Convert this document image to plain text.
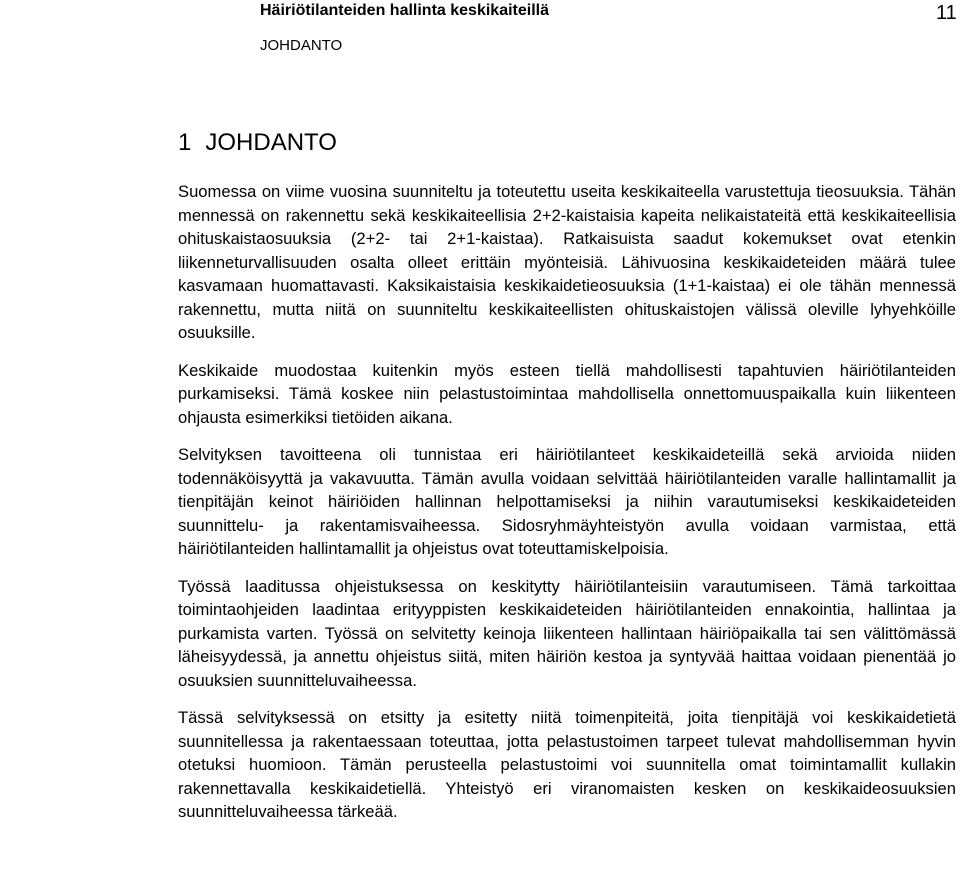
Häiriötilanteiden hallinta keskikaiteillä	11
JOHDANTO
1 JOHDANTO

Suomessa on viime vuosina suunniteltu ja toteutettu useita keskikaiteella varustettuja tieosuuksia. Tähän mennessä on rakennettu sekä keskikaiteellisia 2+2-kaistaisia kapeita nelikaistateitä että keskikaiteellisia ohituskaistaosuuksia (2+2- tai 2+1-kaistaa). Ratkaisuista saadut kokemukset ovat etenkin liikenneturvallisuuden osalta olleet erittäin myönteisiä. Lähivuosina keskikaideteiden määrä tulee kasvamaan huomattavasti. Kaksikaistaisia keskikaidetieosuuksia (1+1-kaistaa) ei ole tähän mennessä rakennettu, mutta niitä on suunniteltu keskikaiteellisten ohituskaistojen välissä oleville lyhyehköille osuuksille.

Keskikaide muodostaa kuitenkin myös esteen tiellä mahdollisesti tapahtuvien häiriötilanteiden purkamiseksi. Tämä koskee niin pelastustoimintaa mahdollisella onnettomuuspaikalla kuin liikenteen ohjausta esimerkiksi tietöiden aikana.

Selvityksen tavoitteena oli tunnistaa eri häiriötilanteet keskikaideteillä sekä arvioida niiden todennäköisyyttä ja vakavuutta. Tämän avulla voidaan selvittää häiriötilanteiden varalle hallintamallit ja tienpitäjän keinot häiriöiden hallinnan helpottamiseksi ja niihin varautumiseksi keskikaideteiden suunnittelu- ja rakentamisvaiheessa. Sidosryhmäyhteistyön avulla voidaan varmistaa, että häiriötilanteiden hallintamallit ja ohjeistus ovat toteuttamiskelpoisia.

Työssä laaditussa ohjeistuksessa on keskitytty häiriötilanteisiin varautumiseen. Tämä tarkoittaa toimintaohjeiden laadintaa erityyppisten keskikaideteiden häiriötilanteiden ennakointia, hallintaa ja purkamista varten. Työssä on selvitetty keinoja liikenteen hallintaan häiriöpaikalla tai sen välittömässä läheisyydessä, ja annettu ohjeistus siitä, miten häiriön kestoa ja syntyvää haittaa voidaan pienentää jo osuuksien suunnitteluvaiheessa.

Tässä selvityksessä on etsitty ja esitetty niitä toimenpiteitä, joita tienpitäjä voi keskikaidetietä suunnitellessa ja rakentaessaan toteuttaa, jotta pelastustoimen tarpeet tulevat mahdollisemman hyvin otetuksi huomioon. Tämän perusteella pelastustoimi voi suunnitella omat toimintamallit kullakin rakennettavalla keskikaidetiellä. Yhteistyö eri viranomaisten kesken on keskikaideosuuksien suunnitteluvaiheessa tärkeää.
